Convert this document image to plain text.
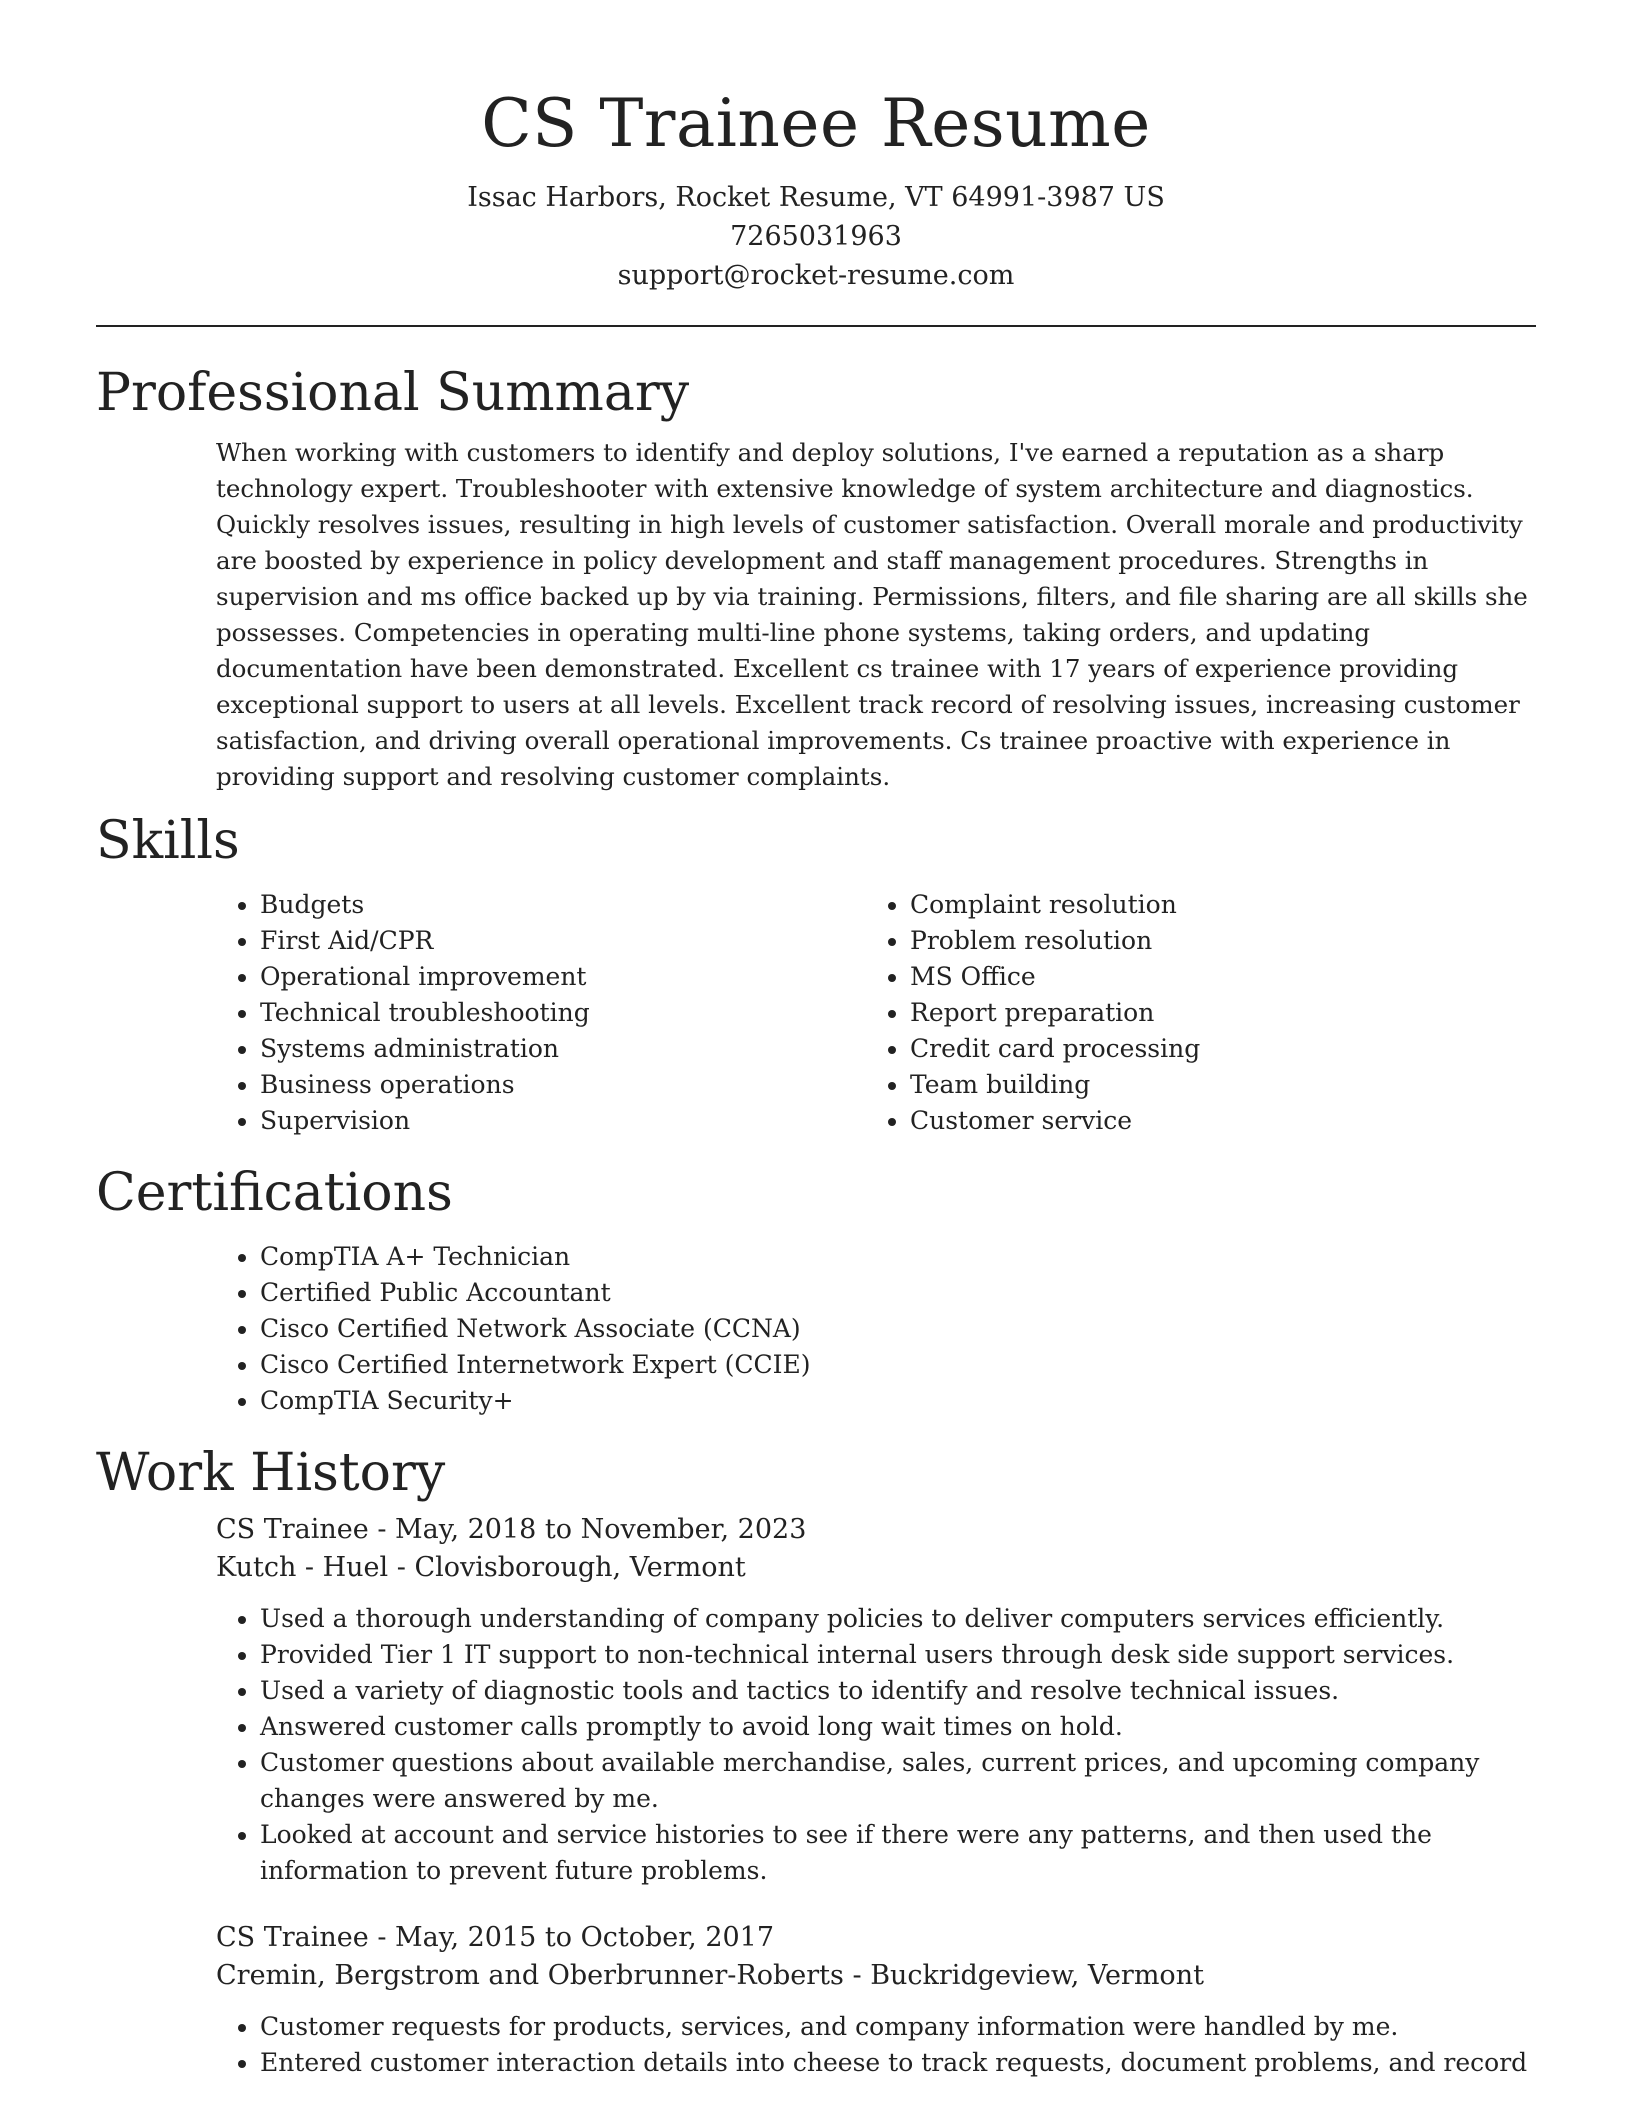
CS Trainee Resume
Issac Harbors, Rocket Resume, VT 64991-3987 US
7265031963
support@rocket-resume.com
Professional Summary

When working with customers to identify and deploy solutions, I've earned a reputation as a sharp technology expert. Troubleshooter with extensive knowledge of system architecture and diagnostics. Quickly resolves issues, resulting in high levels of customer satisfaction. Overall morale and productivity are boosted by experience in policy development and staff management procedures. Strengths in supervision and ms office backed up by via training. Permissions, filters, and file sharing are all skills she possesses. Competencies in operating multi-line phone systems, taking orders, and updating documentation have been demonstrated. Excellent cs trainee with 17 years of experience providing exceptional support to users at all levels. Excellent track record of resolving issues, increasing customer satisfaction, and driving overall operational improvements. Cs trainee proactive with experience in providing support and resolving customer complaints.

Skills
• Budgets
• First Aid/CPR
• Operational improvement
• Technical troubleshooting
• Systems administration
• Business operations
• Supervision
• Complaint resolution
• Problem resolution
• MS Office
• Report preparation
• Credit card processing
• Team building
• Customer service
Certifications
• CompTIA A+ Technician
• Certified Public Accountant
• Cisco Certified Network Associate (CCNA)
• Cisco Certified Internetwork Expert (CCIE)
• CompTIA Security+
Work History
CS Trainee - May, 2018 to November, 2023
Kutch - Huel - Clovisborough, Vermont
• Used a thorough understanding of company policies to deliver computers services efficiently.
• Provided Tier 1 IT support to non-technical internal users through desk side support services.
• Used a variety of diagnostic tools and tactics to identify and resolve technical issues.
• Answered customer calls promptly to avoid long wait times on hold.
• Customer questions about available merchandise, sales, current prices, and upcoming company changes were answered by me.
• Looked at account and service histories to see if there were any patterns, and then used the information to prevent future problems.
CS Trainee - May, 2015 to October, 2017
Cremin, Bergstrom and Oberbrunner-Roberts - Buckridgeview, Vermont
• Customer requests for products, services, and company information were handled by me.
• Entered customer interaction details into cheese to track requests, document problems, and record
